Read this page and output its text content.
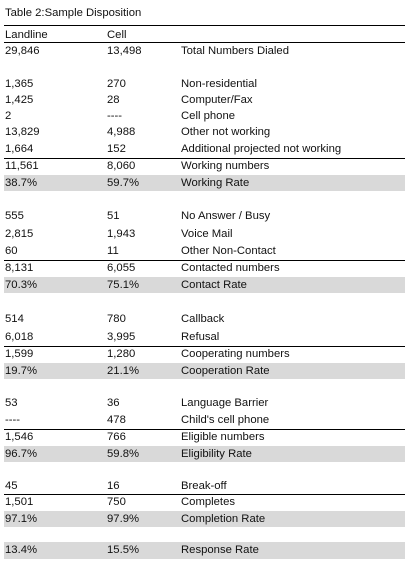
Table 2:Sample Disposition
Landline	Cell
29,846	13,498	Total Numbers Dialed
1,365	270	Non-residential
1,425	28	Computer/Fax
2	----	Cell phone
13,829	4,988	Other not working
1,664	152	Additional projected not working
11,561	8,060	Working numbers
38.7%	59.7%	Working Rate
555	51	No Answer / Busy
2,815	1,943	Voice Mail
60	11	Other Non-Contact
8,131	6,055	Contacted numbers
70.3%	75.1%	Contact Rate
514	780	Callback
6,018	3,995	Refusal
1,599	1,280	Cooperating numbers
19.7%	21.1%	Cooperation Rate
53	36	Language Barrier
----	478	Child's cell phone
1,546	766	Eligible numbers
96.7%	59.8%	Eligibility Rate
45	16	Break-off
1,501	750	Completes
97.1%	97.9%	Completion Rate
13.4%	15.5%	Response Rate
